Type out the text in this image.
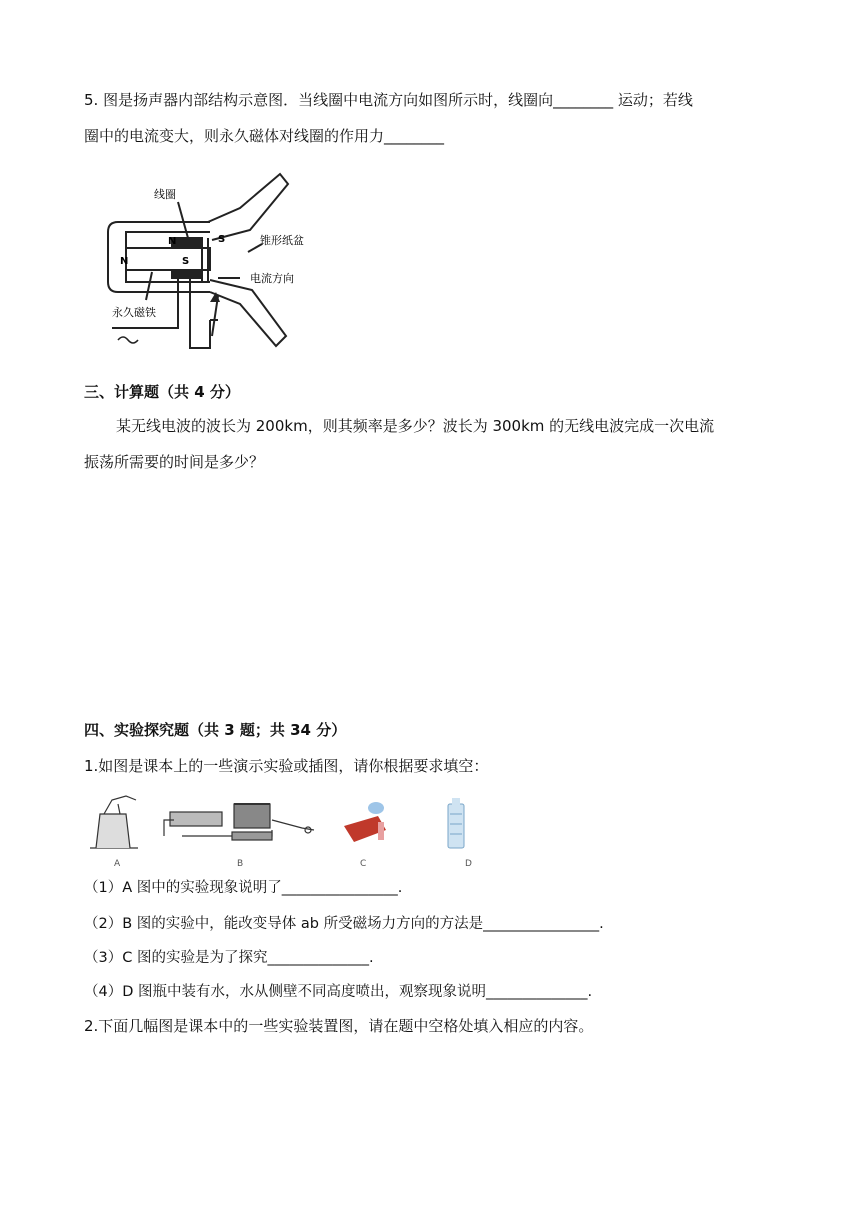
5. 图是扬声器内部结构示意图．当线圈中电流方向如图所示时，线圈向________ 运动；若线
圈中的电流变大，则永久磁体对线圈的作用力________
线圈
锥形纸盆
电流方向
永久磁铁
N	S
N	S
三、计算题（共 4 分）
某无线电波的波长为 200km，则其频率是多少？波长为 300km 的无线电波完成一次电流
振荡所需要的时间是多少？
四、实验探究题（共 3 题；共 34 分）
1.如图是课本上的一些演示实验或插图，请你根据要求填空：
A	B	C	D
（1）A 图中的实验现象说明了________________.
（2）B 图的实验中，能改变导体 ab 所受磁场力方向的方法是________________.
（3）C 图的实验是为了探究______________.
（4）D 图瓶中装有水，水从侧壁不同高度喷出，观察现象说明______________.
2.下面几幅图是课本中的一些实验装置图，请在题中空格处填入相应的内容。
